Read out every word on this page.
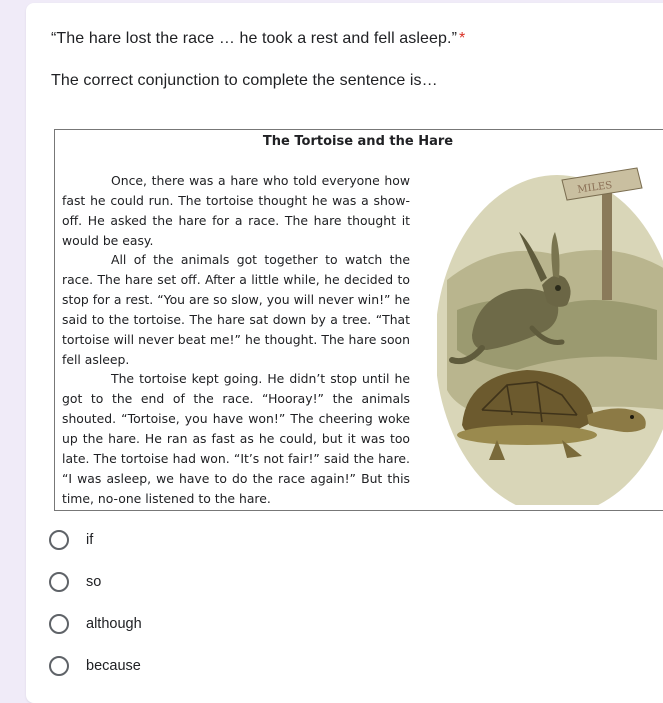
“The hare lost the race … he took a rest and fell asleep.” *
The correct conjunction to complete the sentence is…
The Tortoise and the Hare

Once, there was a hare who told everyone how fast he could run. The tortoise thought he was a show-off. He asked the hare for a race. The hare thought it would be easy.

All of the animals got together to watch the race. The hare set off. After a little while, he decided to stop for a rest. “You are so slow, you will never win!” he said to the tortoise. The hare sat down by a tree. “That tortoise will never beat me!” he thought. The hare soon fell asleep.

The tortoise kept going. He didn’t stop until he got to the end of the race. “Hooray!” the animals shouted. “Tortoise, you have won!” The cheering woke up the hare. He ran as fast as he could, but it was too late. The tortoise had won. “It’s not fair!” said the hare. “I was asleep, we have to do the race again!” But this time, no-one listened to the hare.

MILES
if
so
although
because
